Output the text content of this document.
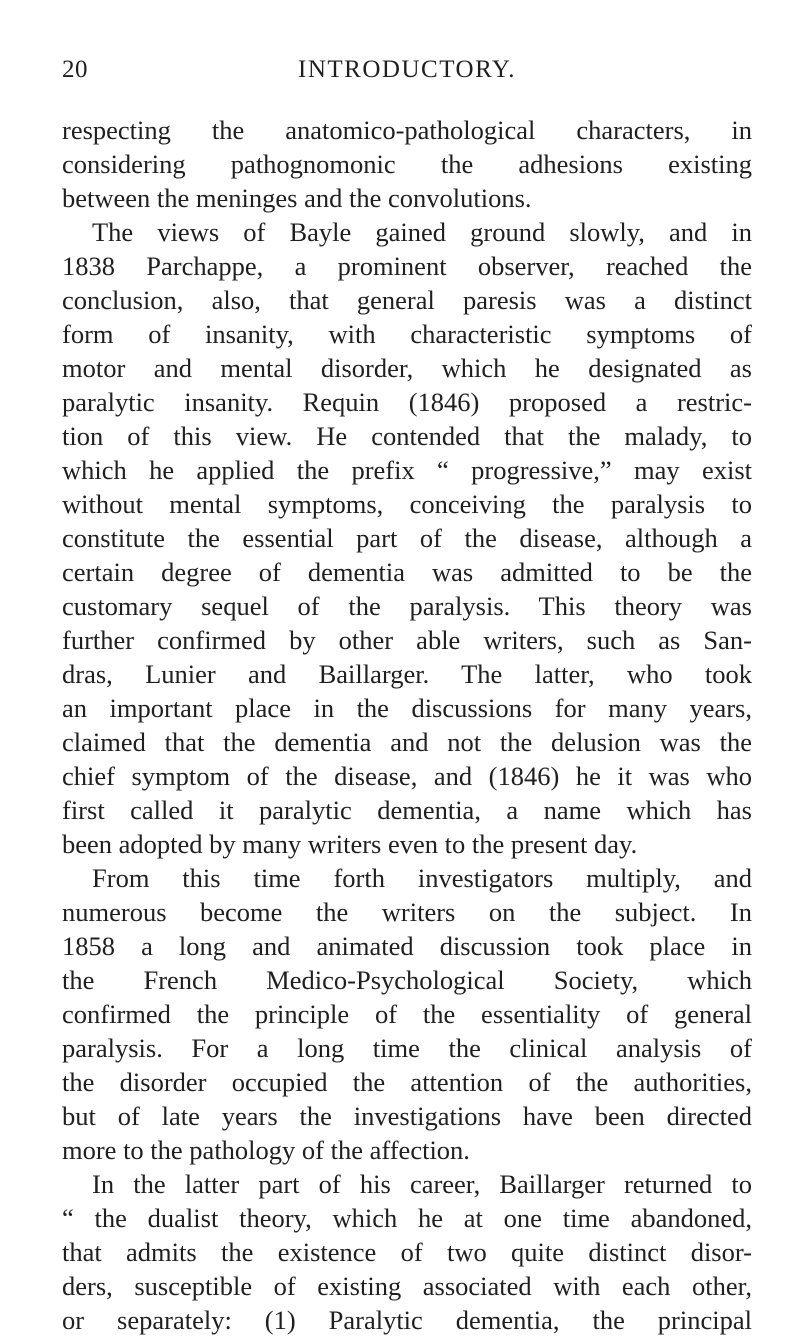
20	INTRODUCTORY.
respecting the anatomico-pathological characters, in
considering pathognomonic the adhesions existing
between the meninges and the convolutions.
The views of Bayle gained ground slowly, and in
1838 Parchappe, a prominent observer, reached the
conclusion, also, that general paresis was a distinct
form of insanity, with characteristic symptoms of
motor and mental disorder, which he designated as
paralytic insanity. Requin (1846) proposed a restric-
tion of this view. He contended that the malady, to
which he applied the prefix “ progressive,” may exist
without mental symptoms, conceiving the paralysis to
constitute the essential part of the disease, although a
certain degree of dementia was admitted to be the
customary sequel of the paralysis. This theory was
further confirmed by other able writers, such as San-
dras, Lunier and Baillarger. The latter, who took
an important place in the discussions for many years,
claimed that the dementia and not the delusion was the
chief symptom of the disease, and (1846) he it was who
first called it paralytic dementia, a name which has
been adopted by many writers even to the present day.
From this time forth investigators multiply, and
numerous become the writers on the subject. In
1858 a long and animated discussion took place in
the French Medico-Psychological Society, which
confirmed the principle of the essentiality of general
paralysis. For a long time the clinical analysis of
the disorder occupied the attention of the authorities,
but of late years the investigations have been directed
more to the pathology of the affection.
In the latter part of his career, Baillarger returned to
“ the dualist theory, which he at one time abandoned,
that admits the existence of two quite distinct disor-
ders, susceptible of existing associated with each other,
or separately: (1) Paralytic dementia, the principal
